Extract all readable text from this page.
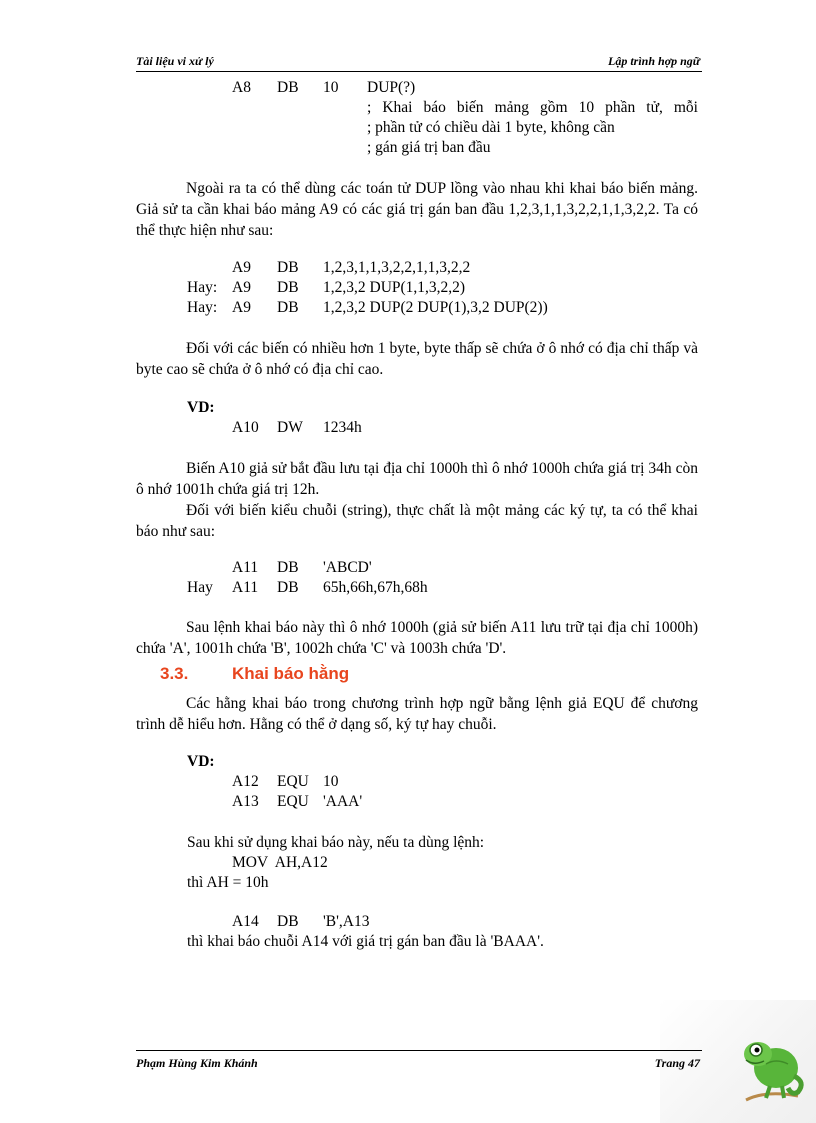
Tài liệu vi xử lý	Lập trình hợp ngữ
A8 DB 10 DUP(?)
; Khai báo biến mảng gồm 10 phần tử, mỗi
; phần tử có chiều dài 1 byte, không cần
; gán giá trị ban đầu
Ngoài ra ta có thể dùng các toán tử DUP lồng vào nhau khi khai báo biến mảng. Giả sử ta cần khai báo mảng A9 có các giá trị gán ban đầu 1,2,3,1,1,3,2,2,1,1,3,2,2. Ta có thể thực hiện như sau:
A9 DB 1,2,3,1,1,3,2,2,1,1,3,2,2
Hay: A9 DB 1,2,3,2 DUP(1,1,3,2,2)
Hay: A9 DB 1,2,3,2 DUP(2 DUP(1),3,2 DUP(2))
Đối với các biến có nhiều hơn 1 byte, byte thấp sẽ chứa ở ô nhớ có địa chỉ thấp và byte cao sẽ chứa ở ô nhớ có địa chỉ cao.
VD:
A10 DW 1234h
Biến A10 giả sử bắt đầu lưu tại địa chỉ 1000h thì ô nhớ 1000h chứa giá trị 34h còn ô nhớ 1001h chứa giá trị 12h.
Đối với biến kiểu chuỗi (string), thực chất là một mảng các ký tự, ta có thể khai báo như sau:
A11 DB 'ABCD'
Hay A11 DB 65h,66h,67h,68h
Sau lệnh khai báo này thì ô nhớ 1000h (giả sử biến A11 lưu trữ tại địa chỉ 1000h) chứa 'A', 1001h chứa 'B', 1002h chứa 'C' và 1003h chứa 'D'.
3.3.	Khai báo hằng
Các hằng khai báo trong chương trình hợp ngữ bằng lệnh giả EQU để chương trình dễ hiểu hơn. Hằng có thể ở dạng số, ký tự hay chuỗi.
VD:
A12 EQU 10
A13 EQU 'AAA'
Sau khi sử dụng khai báo này, nếu ta dùng lệnh:
MOV  AH,A12
thì AH = 10h
A14 DB 'B',A13
thì khai báo chuỗi A14 với giá trị gán ban đầu là 'BAAA'.
Phạm Hùng Kim Khánh	Trang 47
